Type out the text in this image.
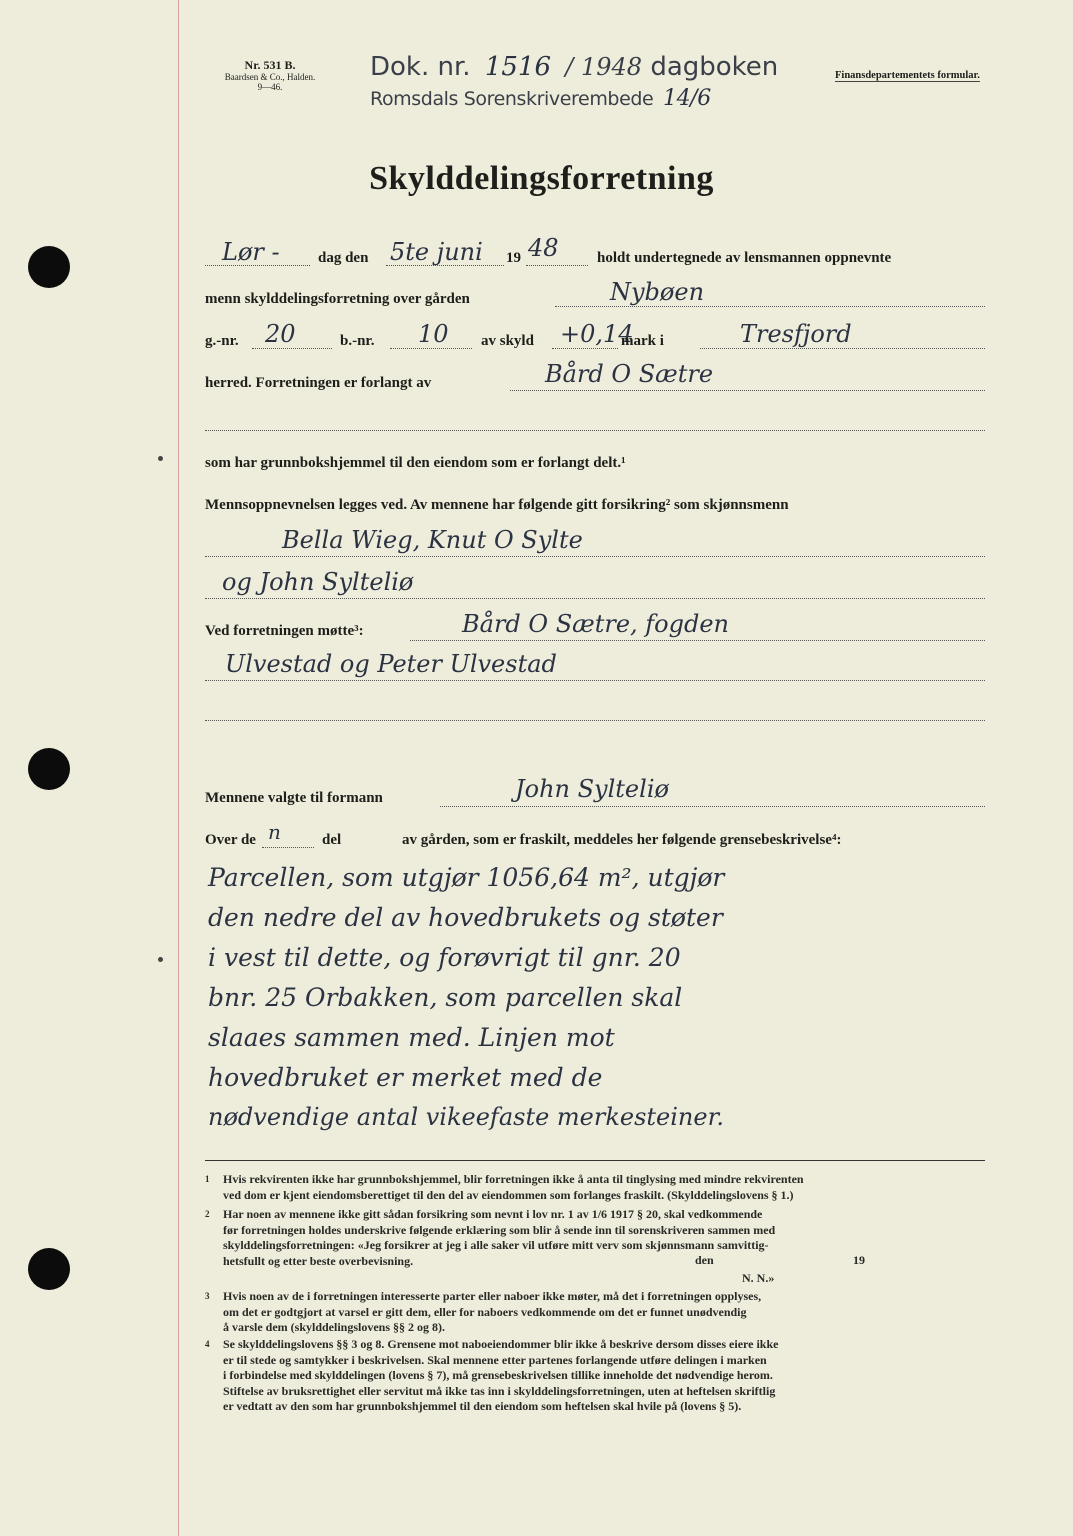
Nr. 531 B.
Baardsen & Co., Halden.
9—46.
Dok. nr. 1516 / 1948 dagboken
Romsdals Sorenskriverembede 14/6
Finansdepartementets formular.
Skylddelingsforretning
Lør -	dag den 5te juni 19 48	holdt undertegnede av lensmannen oppnevnte
menn skylddelingsforretning over gården	Nybøen
g.-nr. 20	b.-nr. 10 av skyld +0,14
mark i	Tresfjord
herred. Forretningen er forlangt av	Bård O Sætre
som har grunnbokshjemmel til den eiendom som er forlangt delt.¹
Mennsoppnevnelsen legges ved. Av mennene har følgende gitt forsikring² som skjønnsmenn
Bella Wieg, Knut O Sylte
og John Sylteliø
Ved forretningen møtte³:	Bård O Sætre, fogden
Ulvestad og Peter Ulvestad
Mennene valgte til formann	John Sylteliø
Over de n	del	av gården, som er fraskilt, meddeles her følgende grensebeskrivelse⁴:
Parcellen, som utgjør 1056,64 m², utgjør
den nedre del av hovedbrukets og støter
i vest til dette, og forøvrigt til gnr. 20
bnr. 25 Orbakken, som parcellen skal
slaaes sammen med. Linjen mot
hovedbruket er merket med de
nødvendige antal vikeefaste merkesteiner.
1 Hvis rekvirenten ikke har grunnbokshjemmel, blir forretningen ikke å anta til tinglysing med mindre rekvirenten
ved dom er kjent eiendomsberettiget til den del av eiendommen som forlanges fraskilt. (Skylddelingslovens § 1.)
2 Har noen av mennene ikke gitt sådan forsikring som nevnt i lov nr. 1 av 1/6 1917 § 20, skal vedkommende
før forretningen holdes underskrive følgende erklæring som blir å sende inn til sorenskriveren sammen med
skylddelingsforretningen: «Jeg forsikrer at jeg i alle saker vil utføre mitt verv som skjønnsmann samvittig-
hetsfullt og etter beste overbevisning.	den	19
N. N.»
3 Hvis noen av de i forretningen interesserte parter eller naboer ikke møter, må det i forretningen opplyses,
om det er godtgjort at varsel er gitt dem, eller for naboers vedkommende om det er funnet unødvendig
å varsle dem (skylddelingslovens §§ 2 og 8).
4 Se skylddelingslovens §§ 3 og 8. Grensene mot naboeiendommer blir ikke å beskrive dersom disses eiere ikke
er til stede og samtykker i beskrivelsen. Skal mennene etter partenes forlangende utføre delingen i marken
i forbindelse med skylddelingen (lovens § 7), må grensebeskrivelsen tillike inneholde det nødvendige herom.
Stiftelse av bruksrettighet eller servitut må ikke tas inn i skylddelingsforretningen, uten at heftelsen skriftlig
er vedtatt av den som har grunnbokshjemmel til den eiendom som heftelsen skal hvile på (lovens § 5).
